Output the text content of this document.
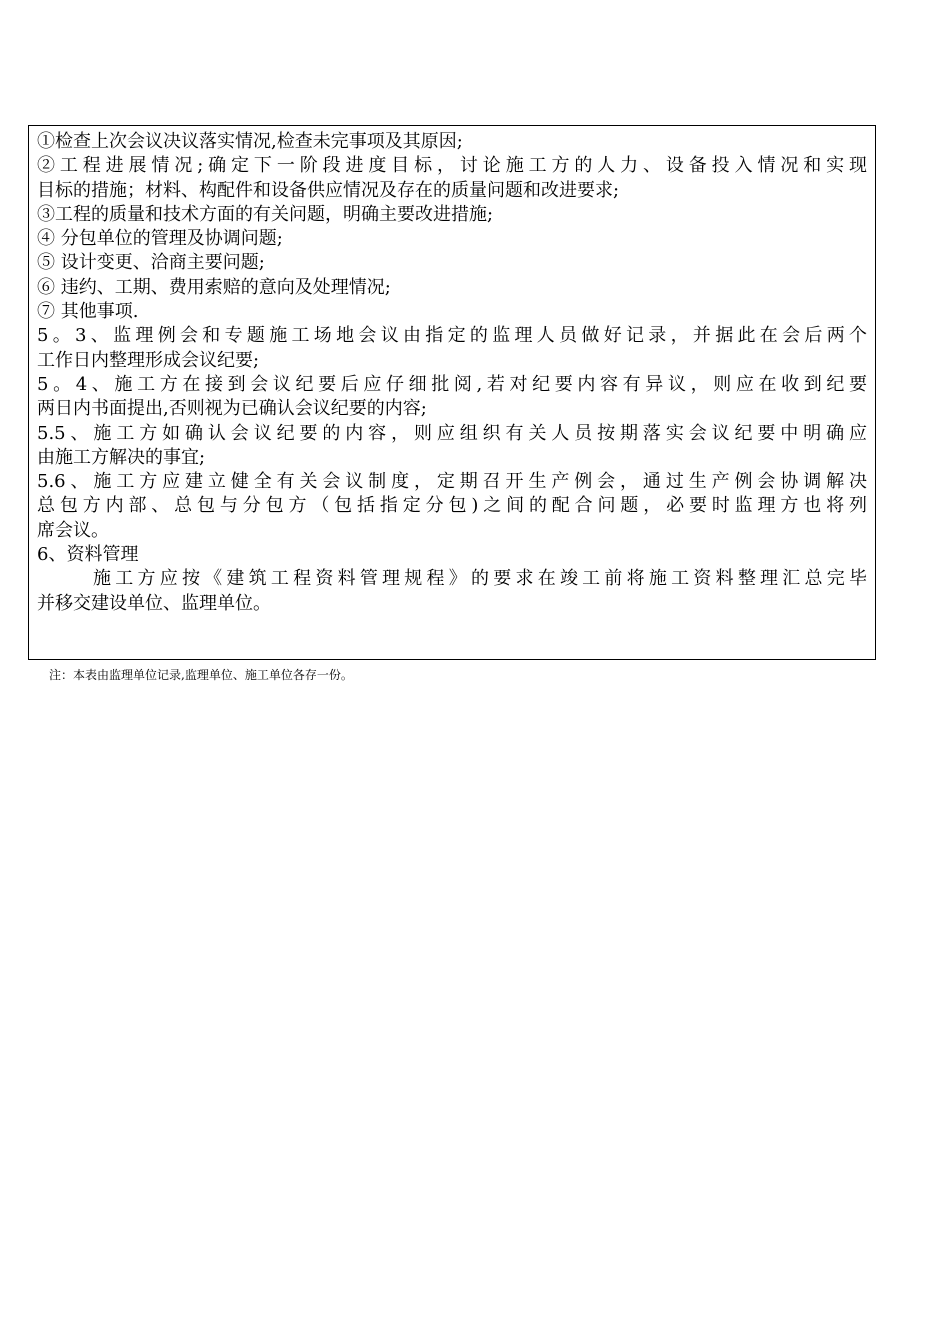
①检查上次会议决议落实情况,检查未完事项及其原因;
②工程进展情况;确定下一阶段进度目标，讨论施工方的人力、设备投入情况和实现
目标的措施；材料、构配件和设备供应情况及存在的质量问题和改进要求;
③工程的质量和技术方面的有关问题，明确主要改进措施;
④ 分包单位的管理及协调问题;
⑤ 设计变更、洽商主要问题;
⑥ 违约、工期、费用索赔的意向及处理情况;
⑦ 其他事项.
5。3、监理例会和专题施工场地会议由指定的监理人员做好记录，并据此在会后两个
工作日内整理形成会议纪要;
5。4、施工方在接到会议纪要后应仔细批阅,若对纪要内容有异议，则应在收到纪要
两日内书面提出,否则视为已确认会议纪要的内容;
5.5、施工方如确认会议纪要的内容，则应组织有关人员按期落实会议纪要中明确应
由施工方解决的事宜;
5.6、施工方应建立健全有关会议制度，定期召开生产例会，通过生产例会协调解决
总包方内部、总包与分包方（包括指定分包)之间的配合问题，必要时监理方也将列
席会议。
6、资料管理
施工方应按《建筑工程资料管理规程》的要求在竣工前将施工资料整理汇总完毕
并移交建设单位、监理单位。
注：本表由监理单位记录,监理单位、施工单位各存一份。
